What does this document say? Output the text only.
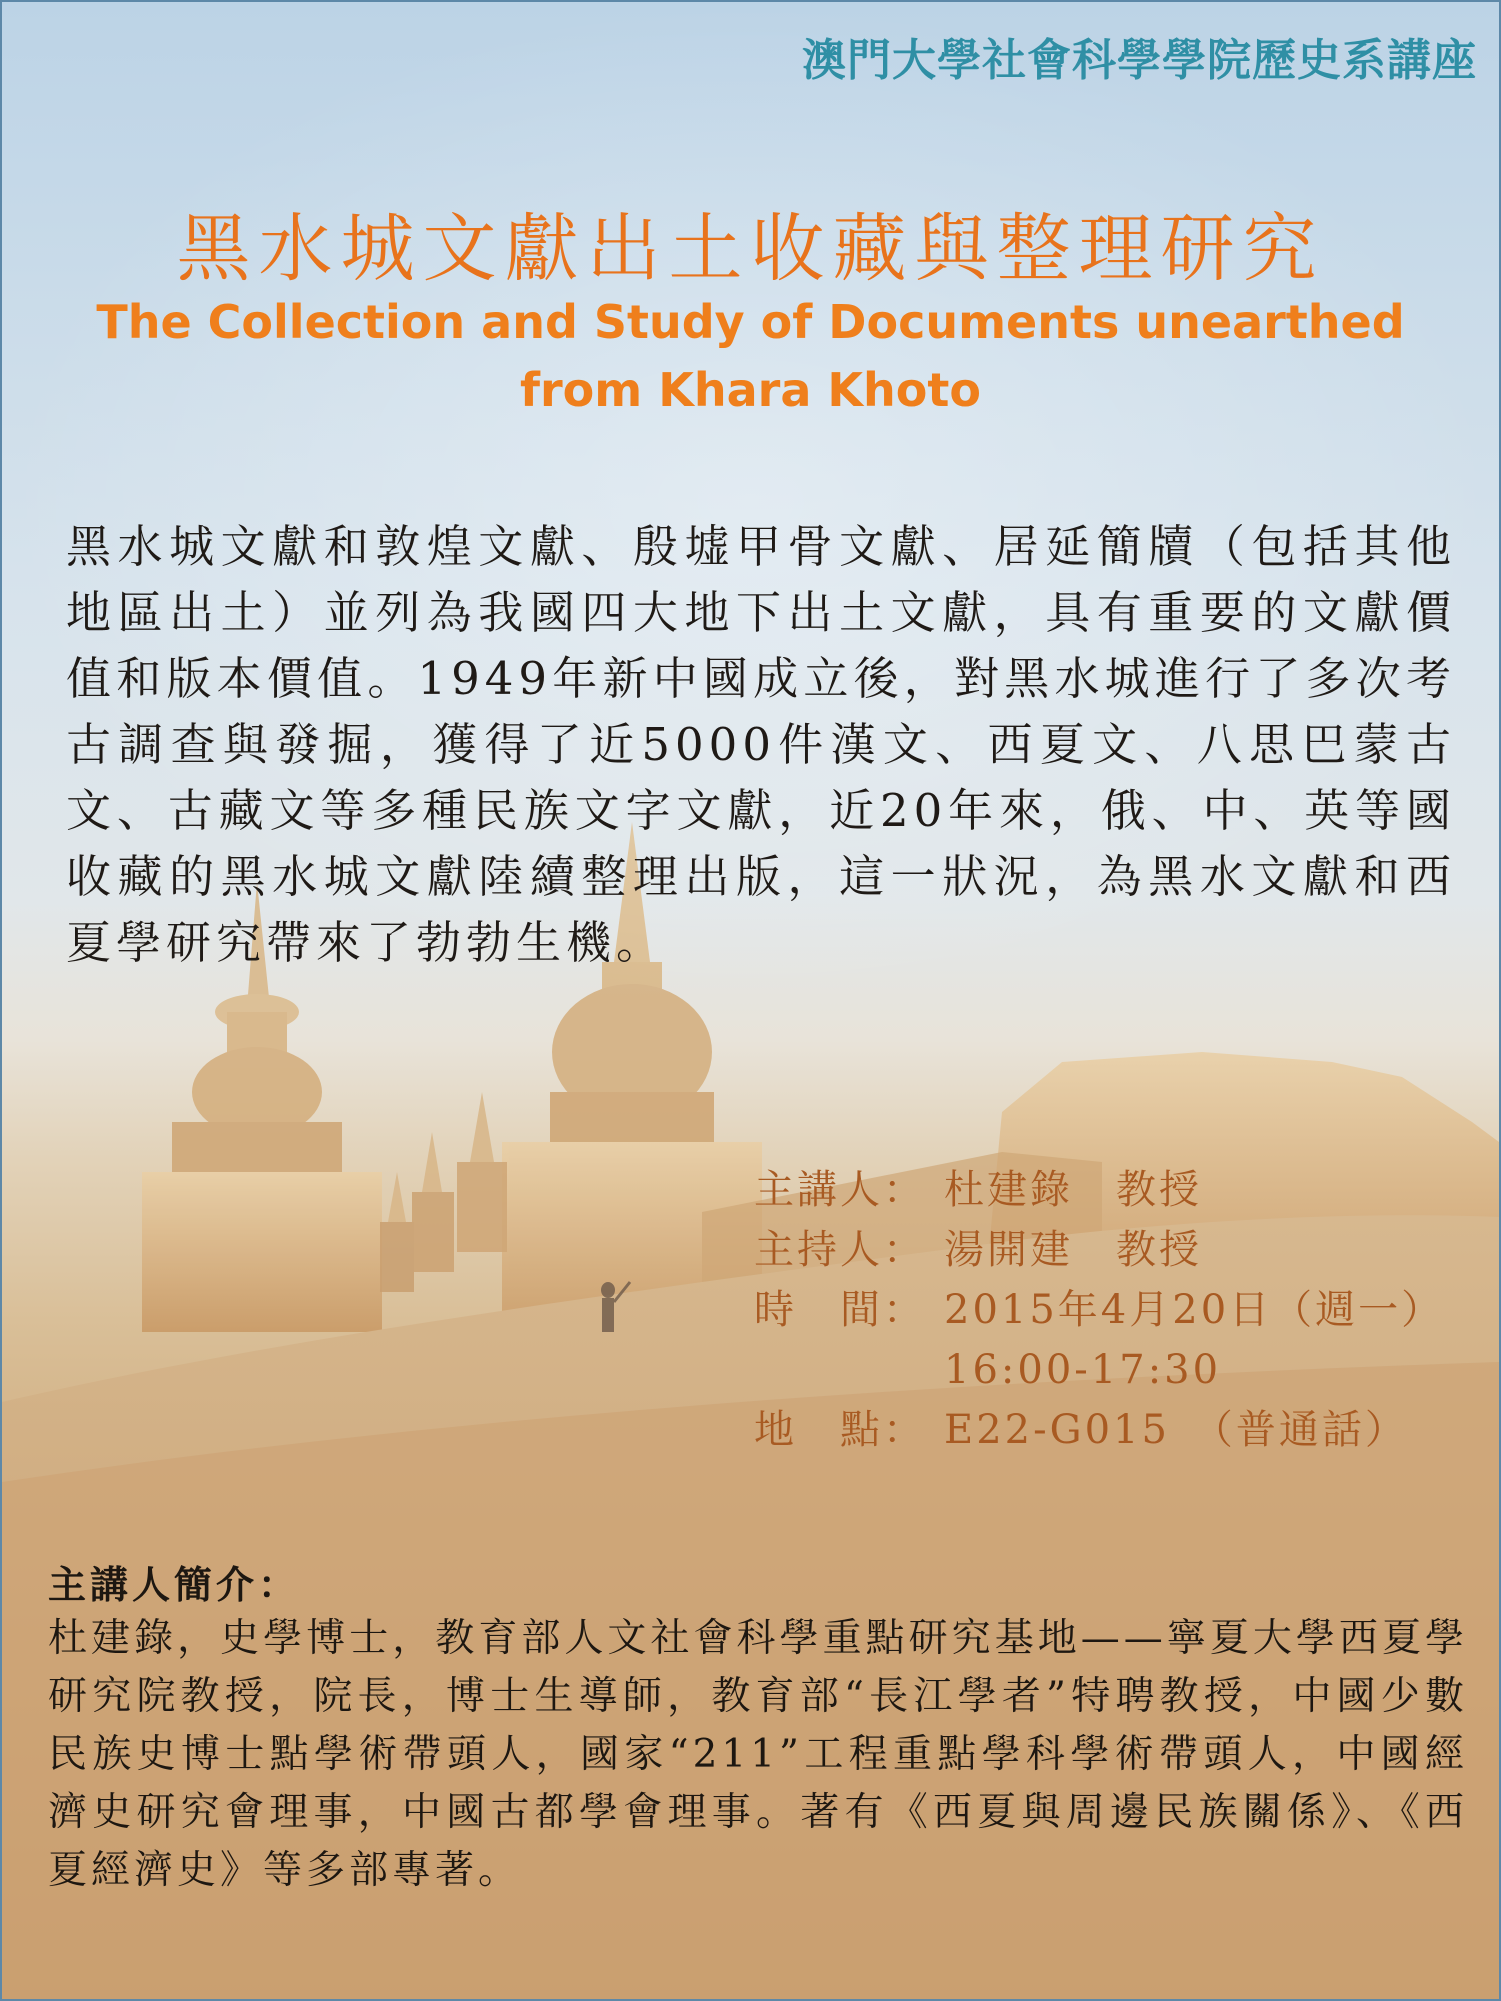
澳門大學社會科學學院歷史系講座
黑水城文獻出土收藏與整理研究
The Collection and Study of Documents unearthed from Khara Khoto
黑水城文獻和敦煌文獻、殷墟甲骨文獻、居延簡牘（包括其他地區出土）並列為我國四大地下出土文獻，具有重要的文獻價值和版本價值。1949年新中國成立後，對黑水城進行了多次考古調查與發掘，獲得了近5000件漢文、西夏文、八思巴蒙古文、古藏文等多種民族文字文獻，近20年來，俄、中、英等國收藏的黑水城文獻陸續整理出版，這一狀況，為黑水文獻和西夏學研究帶來了勃勃生機。
主講人： 杜建錄　教授
主持人： 湯開建　教授
時　間： 2015年4月20日（週一）
16:00-17:30
地　點： E22-G015　（普通話）
主講人簡介：
杜建錄，史學博士，教育部人文社會科學重點研究基地——寧夏大學西夏學研究院教授，院長，博士生導師，教育部“長江學者”特聘教授，中國少數民族史博士點學術帶頭人，國家“211”工程重點學科學術帶頭人，中國經濟史研究會理事，中國古都學會理事。著有《西夏與周邊民族關係》、《西夏經濟史》等多部專著。
